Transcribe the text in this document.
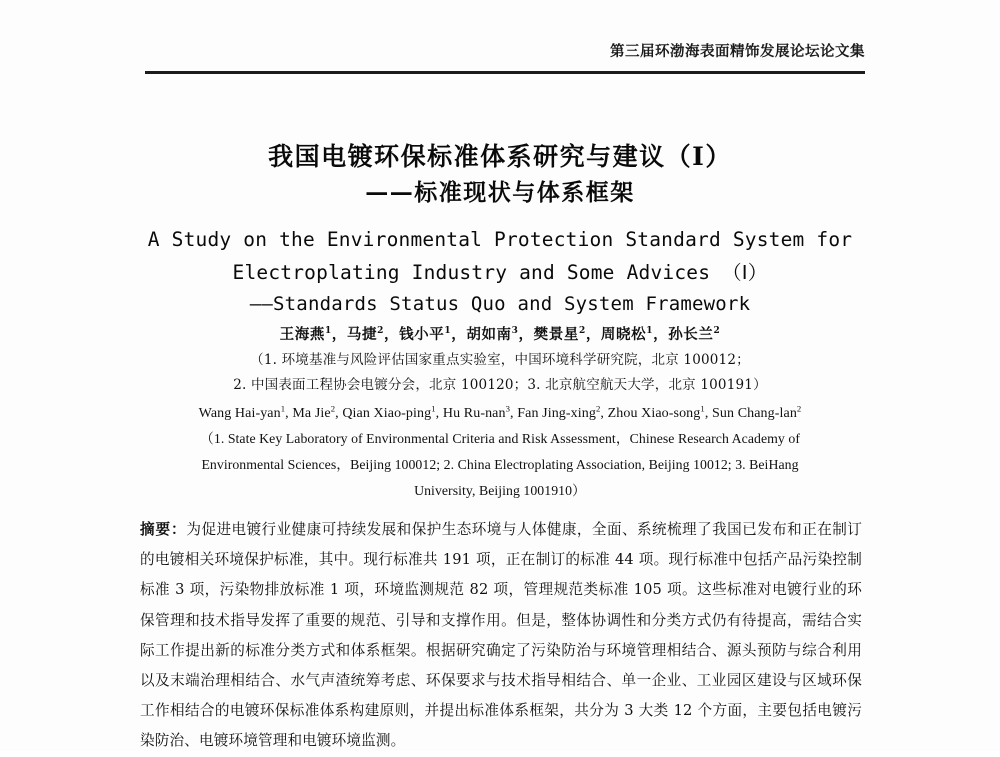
第三届环渤海表面精饰发展论坛论文集
我国电镀环保标准体系研究与建议（Ⅰ）
——标准现状与体系框架
A Study on the Environmental Protection Standard System for
Electroplating Industry and Some Advices （Ⅰ）
——Standards Status Quo and System Framework
王海燕$^1$，马捷$^2$，钱小平$^1$，胡如南$^3$，樊景星$^2$，周晓松$^1$，孙长兰$^2$
（1. 环境基准与风险评估国家重点实验室，中国环境科学研究院，北京 100012；
2. 中国表面工程协会电镀分会，北京 100120；3. 北京航空航天大学，北京 100191）
Wang Hai-yan$^1$, Ma Jie$^2$, Qian Xiao-ping$^1$, Hu Ru-nan$^3$, Fan Jing-xing$^2$, Zhou Xiao-song$^1$, Sun Chang-lan$^2$
（1. State Key Laboratory of Environmental Criteria and Risk Assessment，Chinese Research Academy of
Environmental Sciences，Beijing 100012; 2. China Electroplating Association, Beijing 10012; 3. BeiHang
University, Beijing 1001910）

摘要：为促进电镀行业健康可持续发展和保护生态环境与人体健康，全面、系统梳理了我国已发布和正在制订的电镀相关环境保护标准，其中。现行标准共 191 项，正在制订的标准 44 项。现行标准中包括产品污染控制标准 3 项，污染物排放标准 1 项，环境监测规范 82 项，管理规范类标准 105 项。这些标准对电镀行业的环保管理和技术指导发挥了重要的规范、引导和支撑作用。但是，整体协调性和分类方式仍有待提高，需结合实际工作提出新的标准分类方式和体系框架。根据研究确定了污染防治与环境管理相结合、源头预防与综合利用以及末端治理相结合、水气声渣统筹考虑、环保要求与技术指导相结合、单一企业、工业园区建设与区域环保工作相结合的电镀环保标准体系构建原则，并提出标准体系框架，共分为 3 大类 12 个方面，主要包括电镀污染防治、电镀环境管理和电镀环境监测。
